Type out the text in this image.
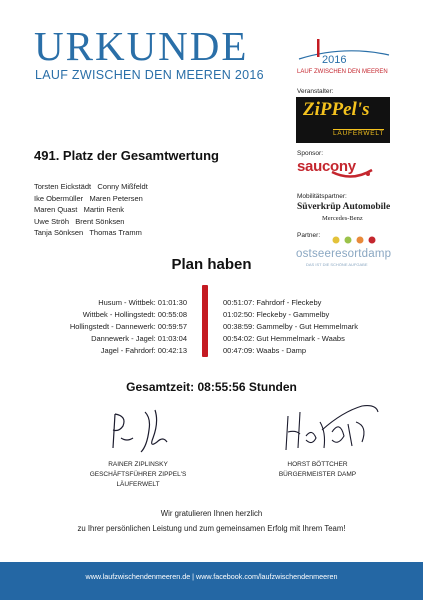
URKUNDE
LAUF ZWISCHEN DEN MEEREN 2016
2016
LAUF ZWISCHEN DEN MEEREN
Veranstalter:
ZiPPel's
LÄUFERWELT
Sponsor:
saucony
Mobilitätspartner:
Süverkrüp Automobile
Mercedes-Benz
Partner:
ostseeresortdamp
DAS IST DIE SCHÖNE AUFGABE
491. Platz der Gesamtwertung
Torsten Eickstädt Conny Mißfeldt
Ike Obermüller Maren Petersen
Maren Quast Martin Renk
Uwe Ströh Brent Sönksen
Tanja Sönksen Thomas Tramm
Plan haben
Husum - Wittbek: 01:01:30
Wittbek - Hollingstedt: 00:55:08
Hollingstedt - Dannewerk: 00:59:57
Dannewerk - Jagel: 01:03:04
Jagel - Fahrdorf: 00:42:13
00:51:07: Fahrdorf - Fleckeby
01:02:50: Fleckeby - Gammelby
00:38:59: Gammelby - Gut Hemmelmark
00:54:02: Gut Hemmelmark - Waabs
00:47:09: Waabs - Damp
Gesamtzeit: 08:55:56 Stunden
RAINER ZIPLINSKY
GESCHÄFTSFÜHRER ZIPPEL'S LÄUFERWELT
HORST BÖTTCHER
BÜRGERMEISTER DAMP
Wir gratulieren Ihnen herzlich
zu Ihrer persönlichen Leistung und zum gemeinsamen Erfolg mit Ihrem Team!
www.laufzwischendenmeeren.de | www.facebook.com/laufzwischendenmeeren
